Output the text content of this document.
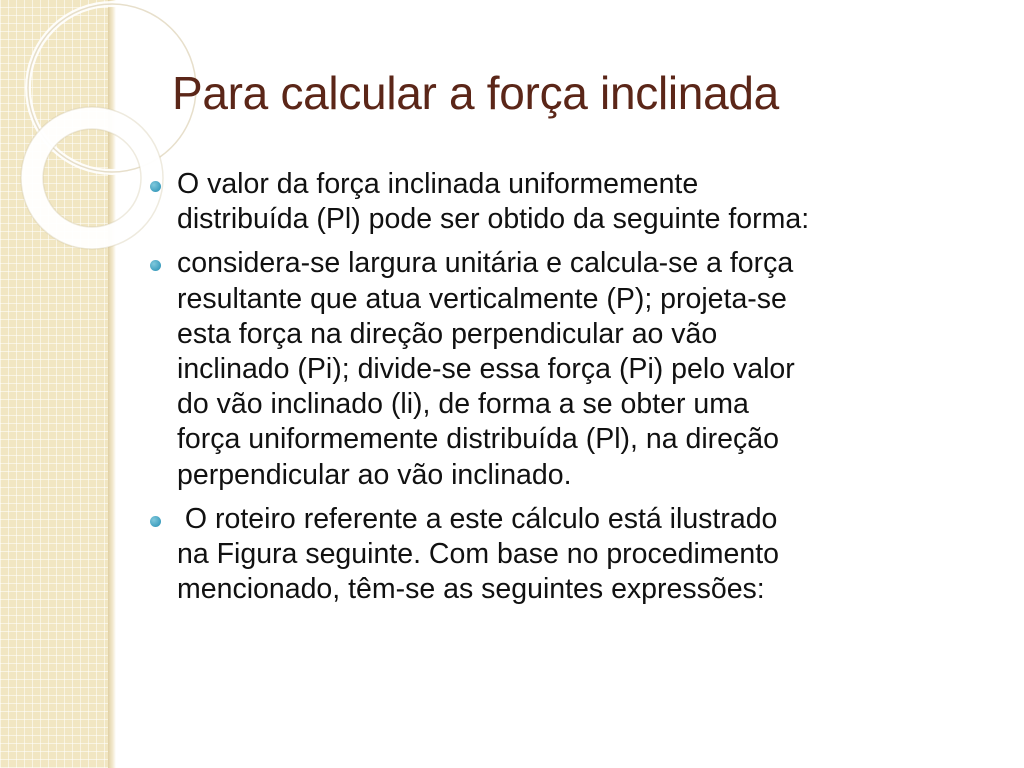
Para calcular a força inclinada
O valor da força inclinada uniformemente
distribuída (Pl) pode ser obtido da seguinte forma:
considera-se largura unitária e calcula-se a força
resultante que atua verticalmente (P); projeta-se
esta força na direção perpendicular ao vão
inclinado (Pi); divide-se essa força (Pi) pelo valor
do vão inclinado (li), de forma a se obter uma
força uniformemente distribuída (Pl), na direção
perpendicular ao vão inclinado.
O roteiro referente a este cálculo está ilustrado
na Figura seguinte. Com base no procedimento
mencionado, têm-se as seguintes expressões:
